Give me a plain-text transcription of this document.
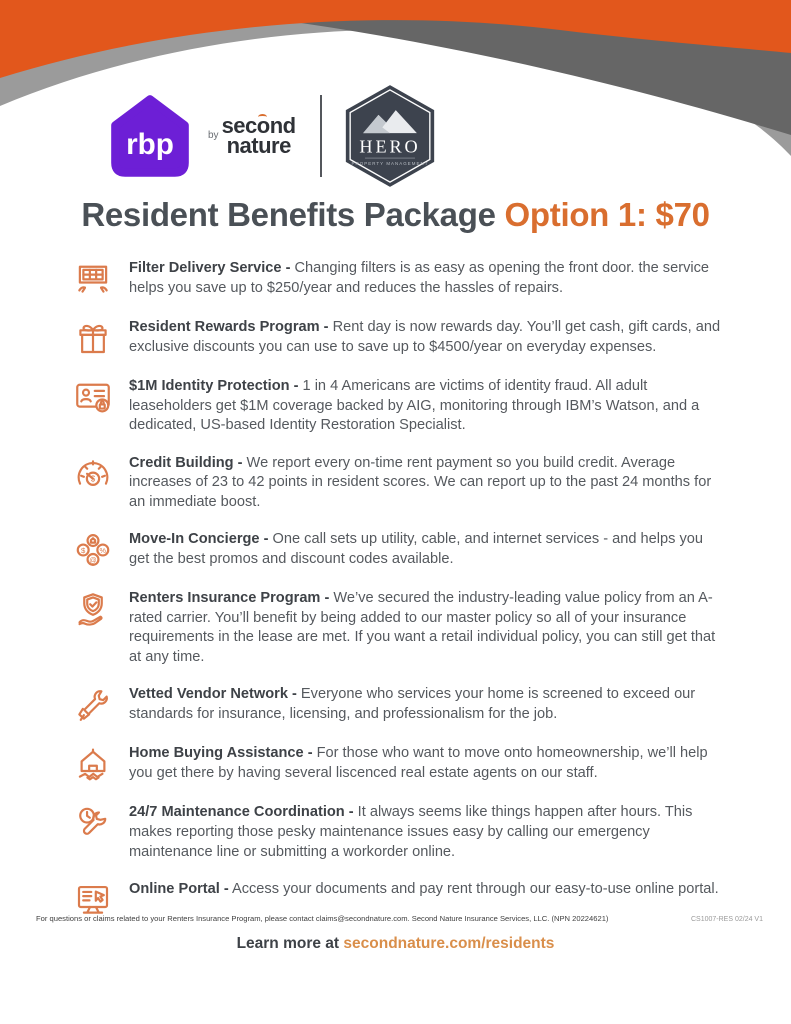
rbp	by second
nature	HERO
PROPERTY MANAGEMENT
Resident Benefits Package Option 1: $70

Filter Delivery Service - Changing filters is as easy as opening the front door. the service helps you save up to $250/year and reduces the hassles of repairs.

Resident Rewards Program - Rent day is now rewards day. You’ll get cash, gift cards, and exclusive discounts you can use to save up to $4500/year on everyday expenses.

$1M Identity Protection - 1 in 4 Americans are victims of identity fraud. All adult leaseholders get $1M coverage backed by AIG, monitoring through IBM’s Watson, and a dedicated, US-based Identity Restoration Specialist.

$

Credit Building - We report every on-time rent payment so you build credit. Average increases of 23 to 42 points in resident scores. We can report up to the past 24 months for an immediate boost.

$	%
@

Move-In Concierge - One call sets up utility, cable, and internet services - and helps you get the best promos and discount codes available.

Renters Insurance Program - We’ve secured the industry-leading value policy from an A-rated carrier. You’ll benefit by being added to our master policy so all of your insurance requirements in the lease are met. If you want a retail individual policy, you can still get that at any time.

Vetted Vendor Network - Everyone who services your home is screened to exceed our standards for insurance, licensing, and professionalism for the job.

Home Buying Assistance - For those who want to move onto homeownership, we’ll help you get there by having several liscenced real estate agents on our staff.

24/7 Maintenance Coordination - It always seems like things happen after hours. This makes reporting those pesky maintenance issues easy by calling our emergency maintenance line or submitting a workorder online.

Online Portal - Access your documents and pay rent through our easy-to-use online portal.

Learn more at secondnature.com/residents

For questions or claims related to your Renters Insurance Program, please contact claims@secondnature.com. Second Nature Insurance Services, LLC. (NPN 20224621)	CS1007-RES 02/24 V1
